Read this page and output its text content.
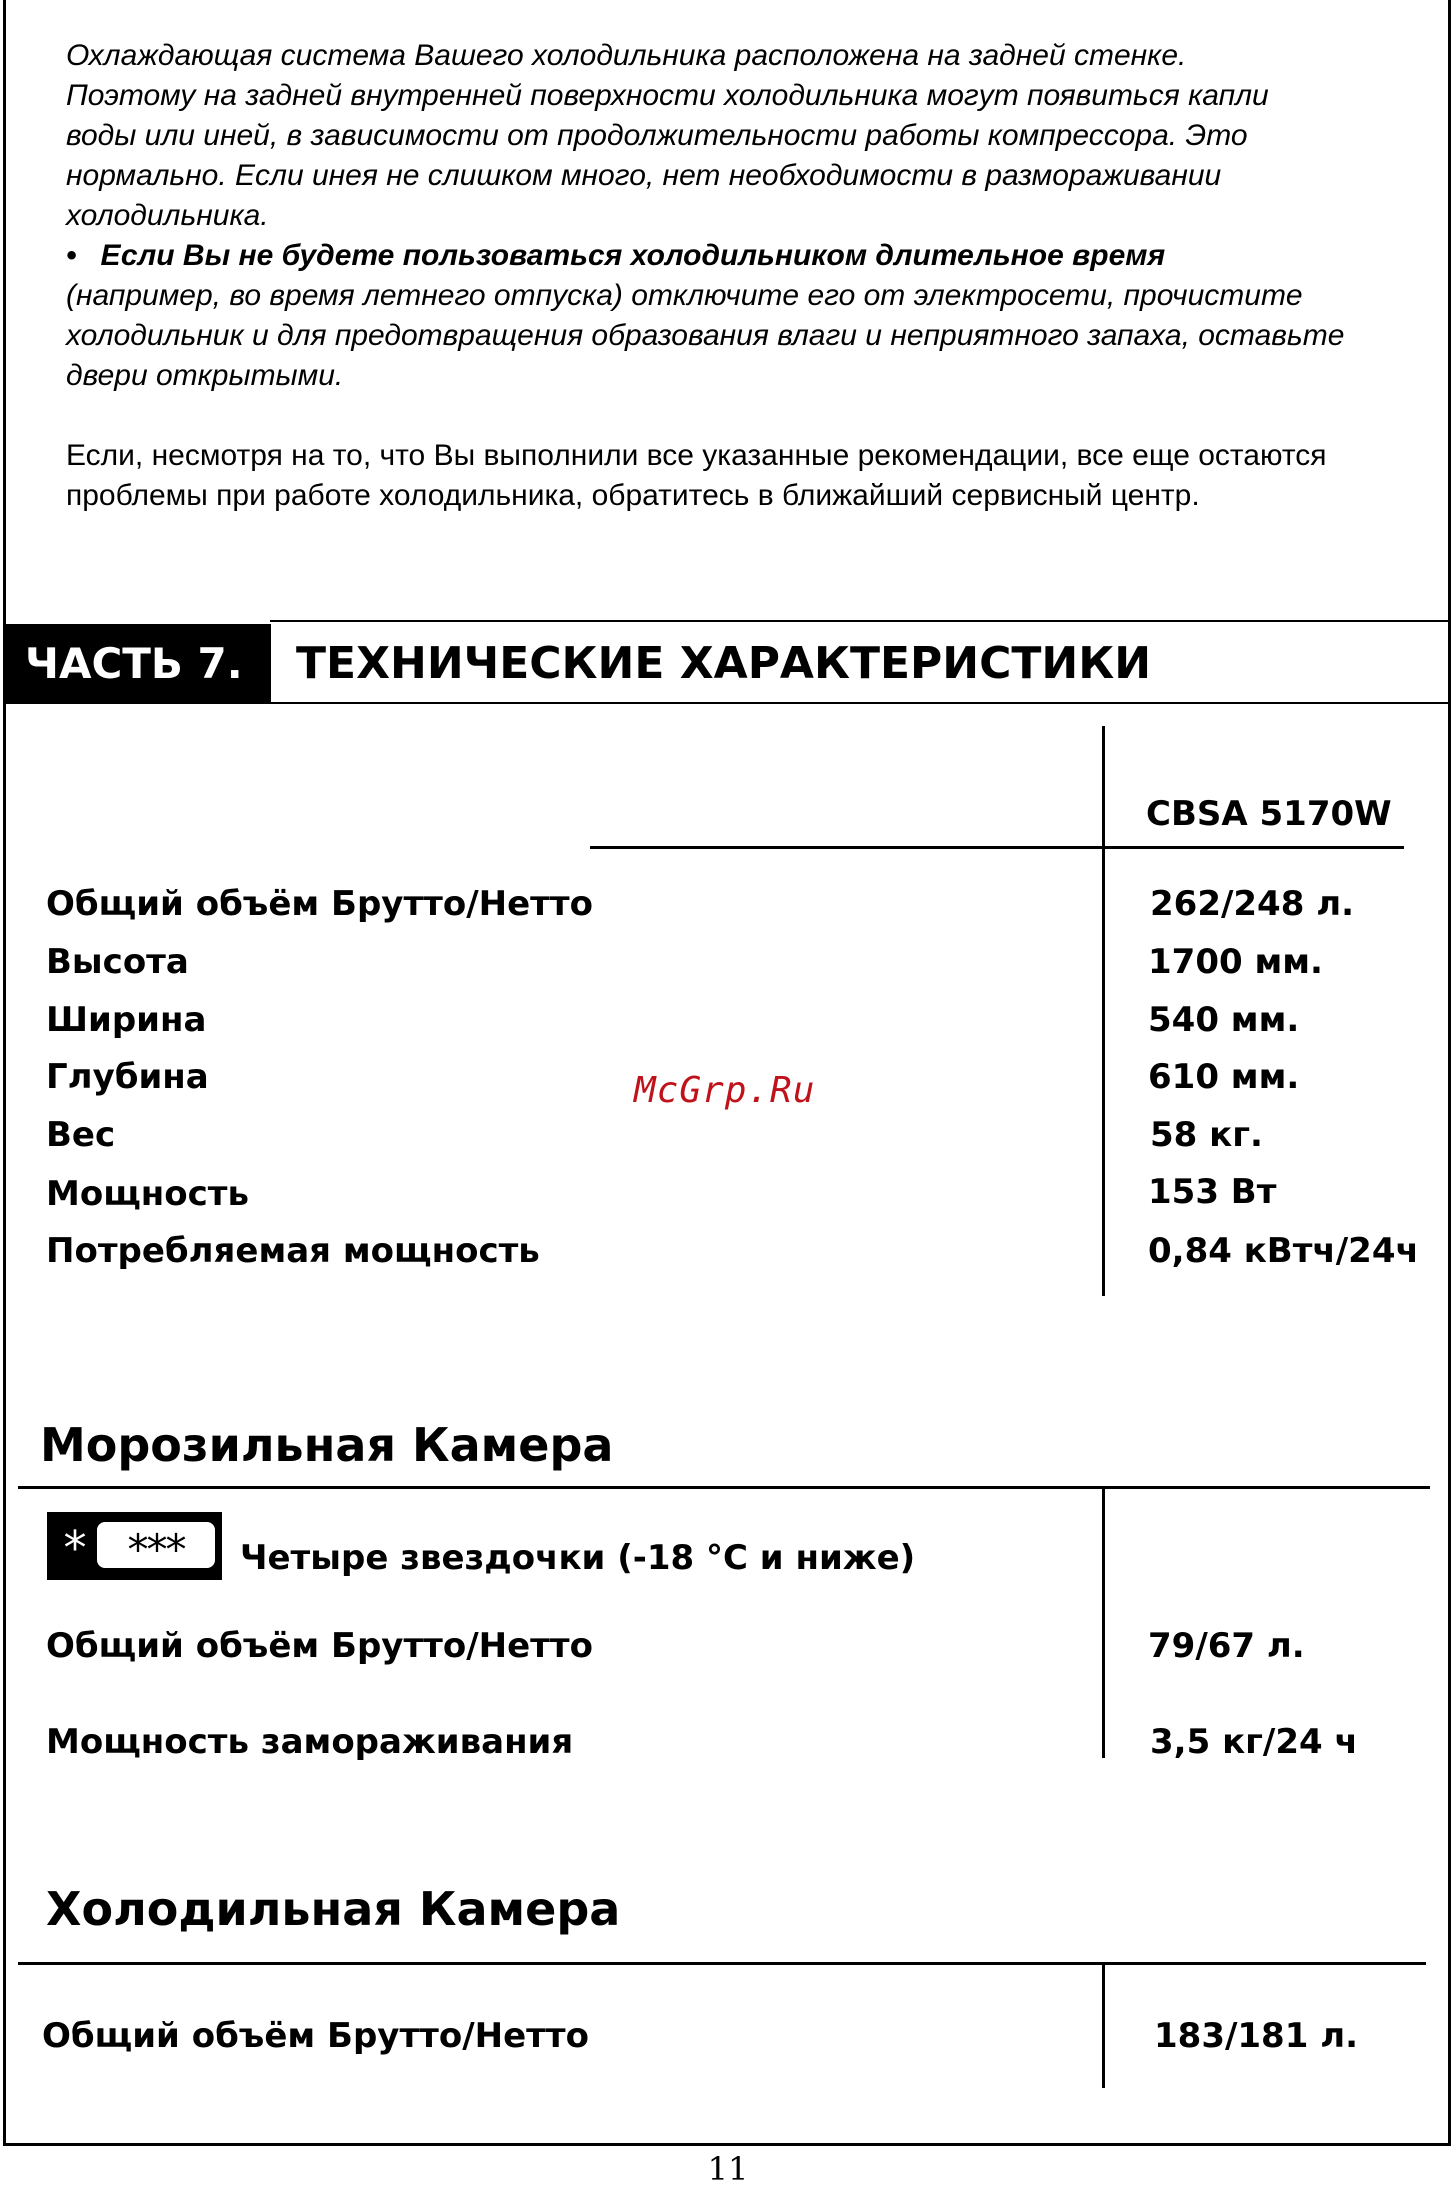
Охлаждающая система Вашего холодильника расположена на задней стенке.

Поэтому на задней внутренней поверхности холодильника могут появиться капли

воды или иней, в зависимости от продолжительности работы компрессора. Это

нормально. Если инея не слишком много, нет необходимости в размораживании

холодильника.

• Если Вы не будете пользоваться холодильником длительное время

(например, во время летнего отпуска) отключите его от электросети, прочистите

холодильник и для предотвращения образования влаги и неприятного запаха, оставьте

двери открытыми.

Если, несмотря на то, что Вы выполнили все указанные рекомендации, все еще остаются

проблемы при работе холодильника, обратитесь в ближайший сервисный центр.

ЧАСТЬ 7.	ТЕХНИЧЕСКИЕ ХАРАКТЕРИСТИКИ
CBSA 5170W
Общий объём Брутто/Нетто	262/248 л.
Высота	1700 мм.
Ширина	540 мм.
Глубина	610 мм.
Вес	58 кг.
Мощность	153 Вт
Потребляемая мощность	0,84 кВтч/24ч
McGrp.Ru
Морозильная Камера
* ***	Четыре звездочки (-18 °C и ниже)
Общий объём Брутто/Нетто	79/67 л.
Мощность замораживания	3,5 кг/24 ч
Холодильная Камера
Общий объём Брутто/Нетто	183/181 л.
11
